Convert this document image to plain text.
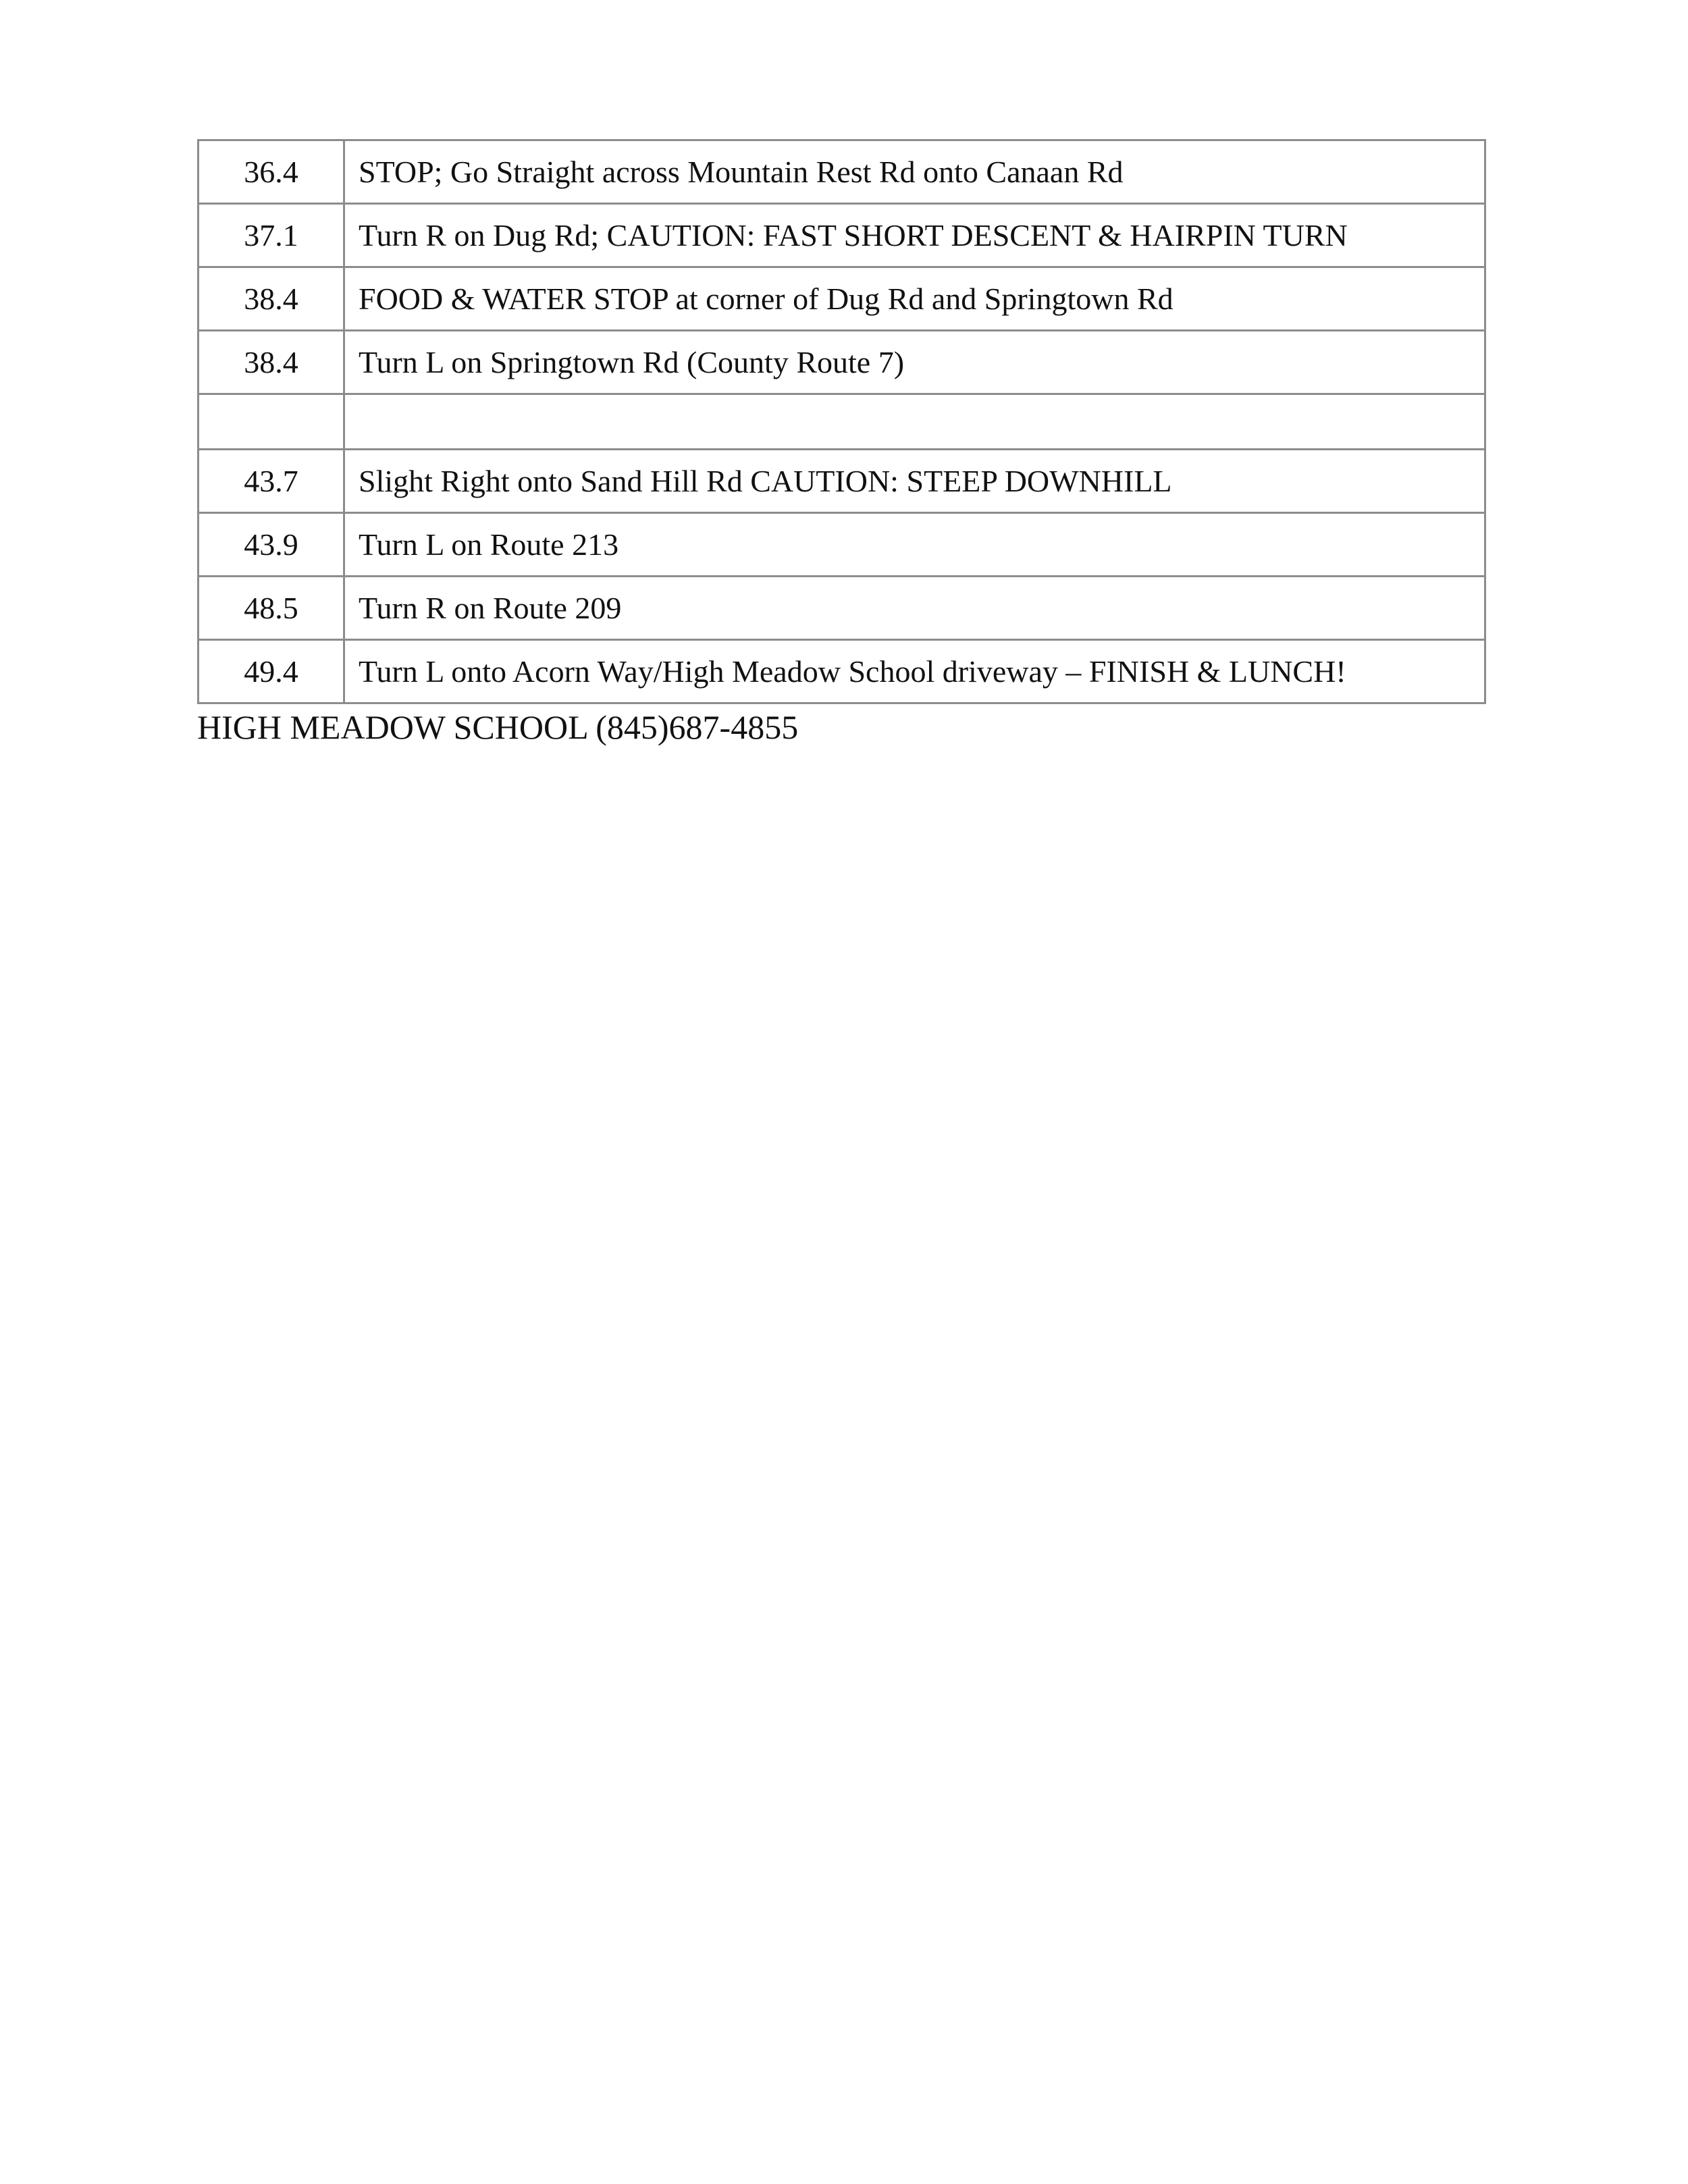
36.4	STOP; Go Straight across Mountain Rest Rd onto Canaan Rd
37.1	Turn R on Dug Rd; CAUTION: FAST SHORT DESCENT & HAIRPIN TURN
38.4	FOOD & WATER STOP at corner of Dug Rd and Springtown Rd
38.4	Turn L on Springtown Rd (County Route 7)

43.7	Slight Right onto Sand Hill Rd CAUTION: STEEP DOWNHILL
43.9	Turn L on Route 213
48.5	Turn R on Route 209
49.4	Turn L onto Acorn Way/High Meadow School driveway – FINISH & LUNCH!
HIGH MEADOW SCHOOL (845)687-4855
